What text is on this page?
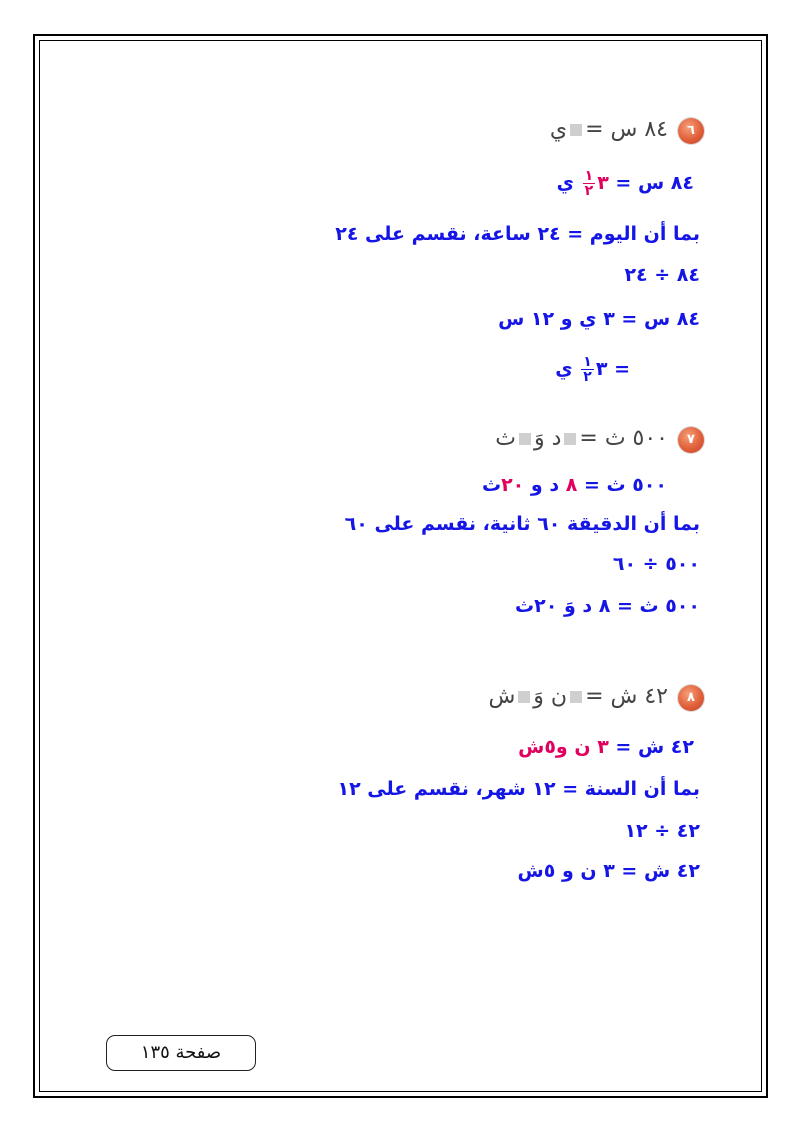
٦
٨٤ س =ي
٨٤ س = ٣
$\frac{١}{٢}$
ي
بما أن اليوم = ٢٤ ساعة، نقسم على ٢٤
٨٤ ÷ ٢٤
٨٤ س = ٣ ي و ١٢ س
= ٣
$\frac{١}{٢}$
ي
٧
٥٠٠ ث =د وَث
٥٠٠ ث = ٨ د و ٢٠ث
بما أن الدقيقة ٦٠ ثانية، نقسم على ٦٠
٥٠٠ ÷ ٦٠
٥٠٠ ث = ٨ د وَ ٢٠ث
٨
٤٢ ش =ن وَش
٤٢ ش = ٣ ن و٥ش
بما أن السنة = ١٢ شهر، نقسم على ١٢
٤٢ ÷ ١٢
٤٢ ش = ٣ ن و ٥ش
صفحة ١٣٥
